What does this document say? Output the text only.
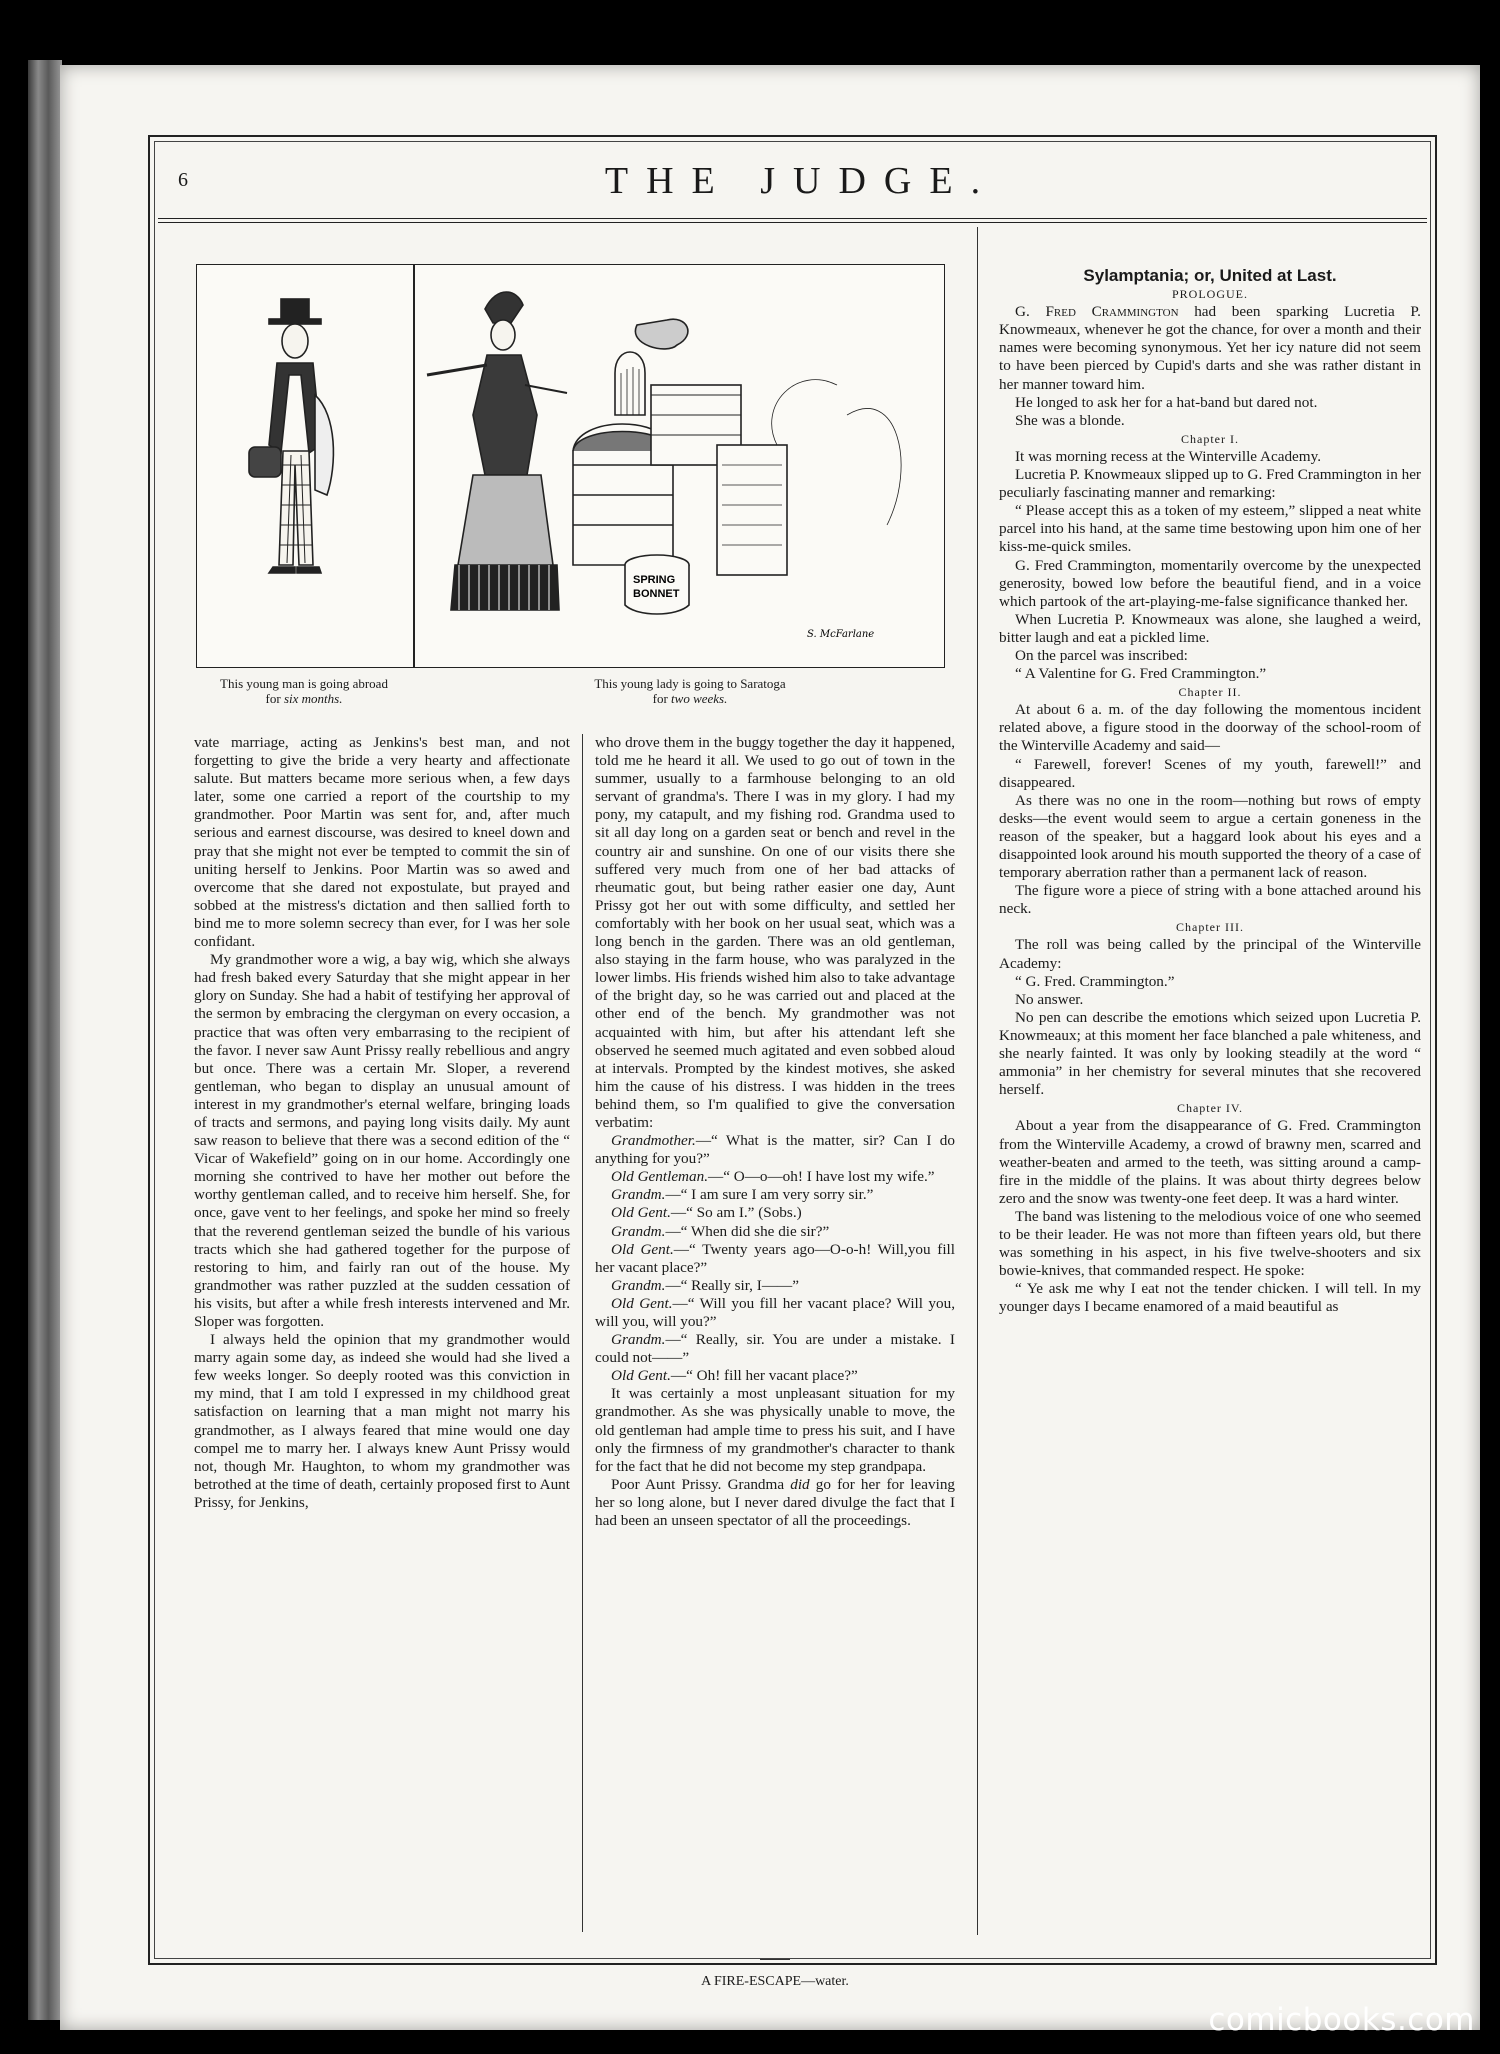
6	THE JUDGE.
SPRING
BONNET
S. McFarlane
This young man is going abroad
for six months.
This young lady is going to Saratoga
for two weeks.

vate marriage, acting as Jenkins's best man, and not forgetting to give the bride a very hearty and affectionate salute. But matters became more serious when, a few days later, some one carried a report of the courtship to my grandmother. Poor Martin was sent for, and, after much serious and earnest discourse, was desired to kneel down and pray that she might not ever be tempted to commit the sin of uniting herself to Jenkins. Poor Martin was so awed and overcome that she dared not expostulate, but prayed and sobbed at the mistress's dictation and then sallied forth to bind me to more solemn secrecy than ever, for I was her sole confidant.

My grandmother wore a wig, a bay wig, which she always had fresh baked every Saturday that she might appear in her glory on Sunday. She had a habit of testifying her approval of the sermon by embracing the clergyman on every occasion, a practice that was often very embarrasing to the recipient of the favor. I never saw Aunt Prissy really rebellious and angry but once. There was a certain Mr. Sloper, a reverend gentleman, who began to display an unusual amount of interest in my grandmother's eternal welfare, bringing loads of tracts and sermons, and paying long visits daily. My aunt saw reason to believe that there was a second edition of the “ Vicar of Wakefield” going on in our home. Accordingly one morning she contrived to have her mother out before the worthy gentleman called, and to receive him herself. She, for once, gave vent to her feelings, and spoke her mind so freely that the reverend gentleman seized the bundle of his various tracts which she had gathered together for the purpose of restoring to him, and fairly ran out of the house. My grandmother was rather puzzled at the sudden cessation of his visits, but after a while fresh interests intervened and Mr. Sloper was forgotten.

I always held the opinion that my grandmother would marry again some day, as indeed she would had she lived a few weeks longer. So deeply rooted was this conviction in my mind, that I am told I expressed in my childhood great satisfaction on learning that a man might not marry his grandmother, as I always feared that mine would one day compel me to marry her. I always knew Aunt Prissy would not, though Mr. Haughton, to whom my grandmother was betrothed at the time of death, certainly proposed first to Aunt Prissy, for Jenkins,

who drove them in the buggy together the day it happened, told me he heard it all. We used to go out of town in the summer, usually to a farmhouse belonging to an old servant of grandma's. There I was in my glory. I had my pony, my catapult, and my fishing rod. Grandma used to sit all day long on a garden seat or bench and revel in the country air and sunshine. On one of our visits there she suffered very much from one of her bad attacks of rheumatic gout, but being rather easier one day, Aunt Prissy got her out with some difficulty, and settled her comfortably with her book on her usual seat, which was a long bench in the garden. There was an old gentleman, also staying in the farm house, who was paralyzed in the lower limbs. His friends wished him also to take advantage of the bright day, so he was carried out and placed at the other end of the bench. My grandmother was not acquainted with him, but after his attendant left she observed he seemed much agitated and even sobbed aloud at intervals. Prompted by the kindest motives, she asked him the cause of his distress. I was hidden in the trees behind them, so I'm qualified to give the conversation verbatim:

Grandmother.—“ What is the matter, sir? Can I do anything for you?”

Old Gentleman.—“ O—o—oh! I have lost my wife.”

Grandm.—“ I am sure I am very sorry sir.”

Old Gent.—“ So am I.” (Sobs.)

Grandm.—“ When did she die sir?”

Old Gent.—“ Twenty years ago—O-o-h! Will,you fill her vacant place?”

Grandm.—“ Really sir, I——”

Old Gent.—“ Will you fill her vacant place? Will you, will you, will you?”

Grandm.—“ Really, sir. You are under a mistake. I could not——”

Old Gent.—“ Oh! fill her vacant place?”

It was certainly a most unpleasant situation for my grandmother. As she was physically unable to move, the old gentleman had ample time to press his suit, and I have only the firmness of my grandmother's character to thank for the fact that he did not become my step grandpapa.

Poor Aunt Prissy. Grandma did go for her for leaving her so long alone, but I never dared divulge the fact that I had been an unseen spectator of all the proceedings.

A FIRE-ESCAPE—water.

Sylamptania; or, United at Last.

PROLOGUE.

G. Fred Crammington had been sparking Lucretia P. Knowmeaux, whenever he got the chance, for over a month and their names were becoming synonymous. Yet her icy nature did not seem to have been pierced by Cupid's darts and she was rather distant in her manner toward him.

He longed to ask her for a hat-band but dared not.

She was a blonde.

Chapter I.

It was morning recess at the Winterville Academy.

Lucretia P. Knowmeaux slipped up to G. Fred Crammington in her peculiarly fascinating manner and remarking:

“ Please accept this as a token of my esteem,” slipped a neat white parcel into his hand, at the same time bestowing upon him one of her kiss-me-quick smiles.

G. Fred Crammington, momentarily overcome by the unexpected generosity, bowed low before the beautiful fiend, and in a voice which partook of the art-playing-me-false significance thanked her.

When Lucretia P. Knowmeaux was alone, she laughed a weird, bitter laugh and eat a pickled lime.

On the parcel was inscribed:

“ A Valentine for G. Fred Crammington.”

Chapter II.

At about 6 a. m. of the day following the momentous incident related above, a figure stood in the doorway of the school-room of the Winterville Academy and said—

“ Farewell, forever! Scenes of my youth, farewell!” and disappeared.

As there was no one in the room—nothing but rows of empty desks—the event would seem to argue a certain goneness in the reason of the speaker, but a haggard look about his eyes and a disappointed look around his mouth supported the theory of a case of temporary aberration rather than a permanent lack of reason.

The figure wore a piece of string with a bone attached around his neck.

Chapter III.

The roll was being called by the principal of the Winterville Academy:

“ G. Fred. Crammington.”

No answer.

No pen can describe the emotions which seized upon Lucretia P. Knowmeaux; at this moment her face blanched a pale whiteness, and she nearly fainted. It was only by looking steadily at the word “ ammonia” in her chemistry for several minutes that she recovered herself.

Chapter IV.

About a year from the disappearance of G. Fred. Crammington from the Winterville Academy, a crowd of brawny men, scarred and weather-beaten and armed to the teeth, was sitting around a camp-fire in the middle of the plains. It was about thirty degrees below zero and the snow was twenty-one feet deep. It was a hard winter.

The band was listening to the melodious voice of one who seemed to be their leader. He was not more than fifteen years old, but there was something in his aspect, in his five twelve-shooters and six bowie-knives, that commanded respect. He spoke:

“ Ye ask me why I eat not the tender chicken. I will tell. In my younger days I became enamored of a maid beautiful as

comicbooks.com
